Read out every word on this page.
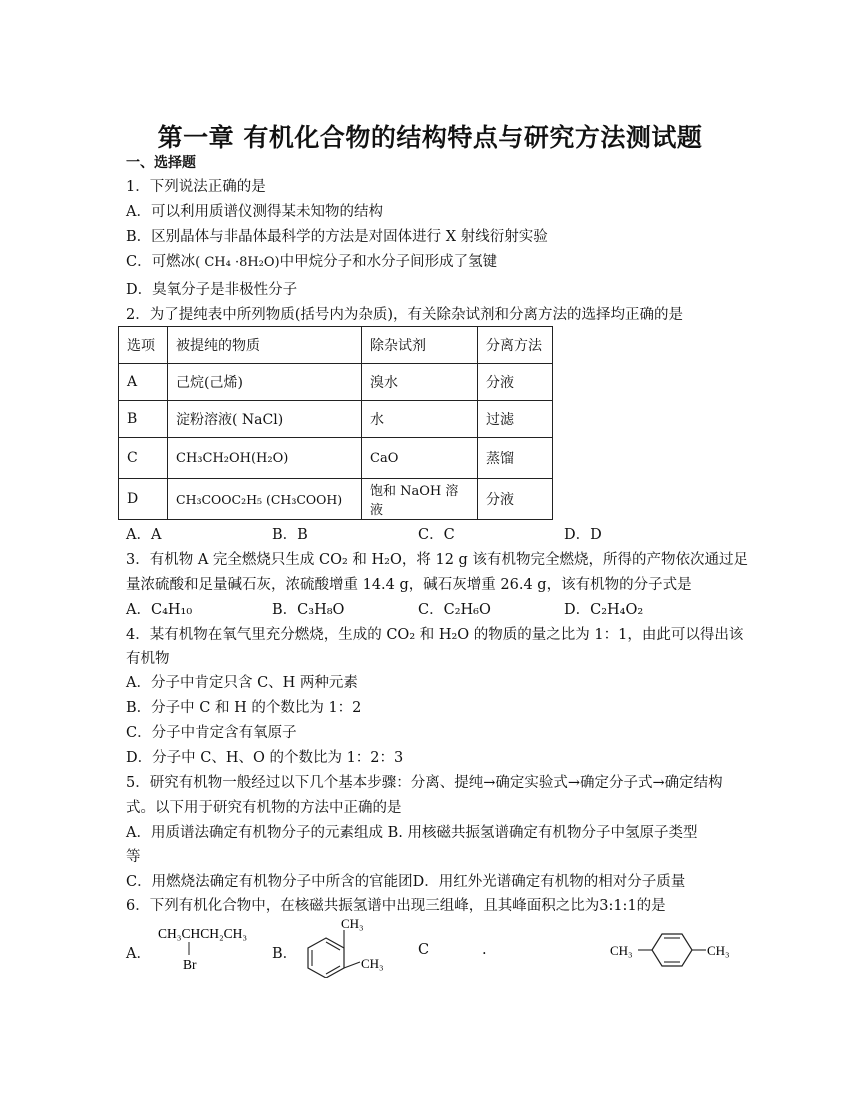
第一章 有机化合物的结构特点与研究方法测试题
一、选择题
1．下列说法正确的是
A．可以利用质谱仪测得某未知物的结构
B．区别晶体与非晶体最科学的方法是对固体进行 X 射线衍射实验
C．可燃冰( CH₄ ·8H₂O)中甲烷分子和水分子间形成了氢键
D．臭氧分子是非极性分子
2．为了提纯表中所列物质(括号内为杂质)，有关除杂试剂和分离方法的选择均正确的是
选项	被提纯的物质	除杂试剂	分离方法
A	己烷(己烯)	溴水	分液
B	淀粉溶液( NaCl)	水	过滤
C	CH₃CH₂OH(H₂O)	CaO	蒸馏
D	CH₃COOC₂H₅ (CH₃COOH)	饱和 NaOH 溶液	分液
A．A	B．B	C．C	D．D
3．有机物 A 完全燃烧只生成 CO₂ 和 H₂O，将 12 g 该有机物完全燃烧，所得的产物依次通过足
量浓硫酸和足量碱石灰，浓硫酸增重 14.4 g，碱石灰增重 26.4 g，该有机物的分子式是
A．C₄H₁₀	B．C₃H₈O	C．C₂H₆O	D．C₂H₄O₂
4．某有机物在氧气里充分燃烧，生成的 CO₂ 和 H₂O 的物质的量之比为 1：1，由此可以得出该
有机物
A．分子中肯定只含 C、H 两种元素
B．分子中 C 和 H 的个数比为 1：2
C．分子中肯定含有氧原子
D．分子中 C、H、O 的个数比为 1：2：3
5．研究有机物一般经过以下几个基本步骤：分离、提纯→确定实验式→确定分子式→确定结构
式。以下用于研究有机物的方法中正确的是
A．用质谱法确定有机物分子的元素组成 B. 用核磁共振氢谱确定有机物分子中氢原子类型
等
C．用燃烧法确定有机物分子中所含的官能团D．用红外光谱确定有机物的相对分子质量
6．下列有机化合物中，在核磁共振氢谱中出现三组峰，且其峰面积之比为3:1:1的是
A．
CH₃CHCH₂CH₃
Br
B．
CH₃
CH₃
C	.	CH₃	CH₃
